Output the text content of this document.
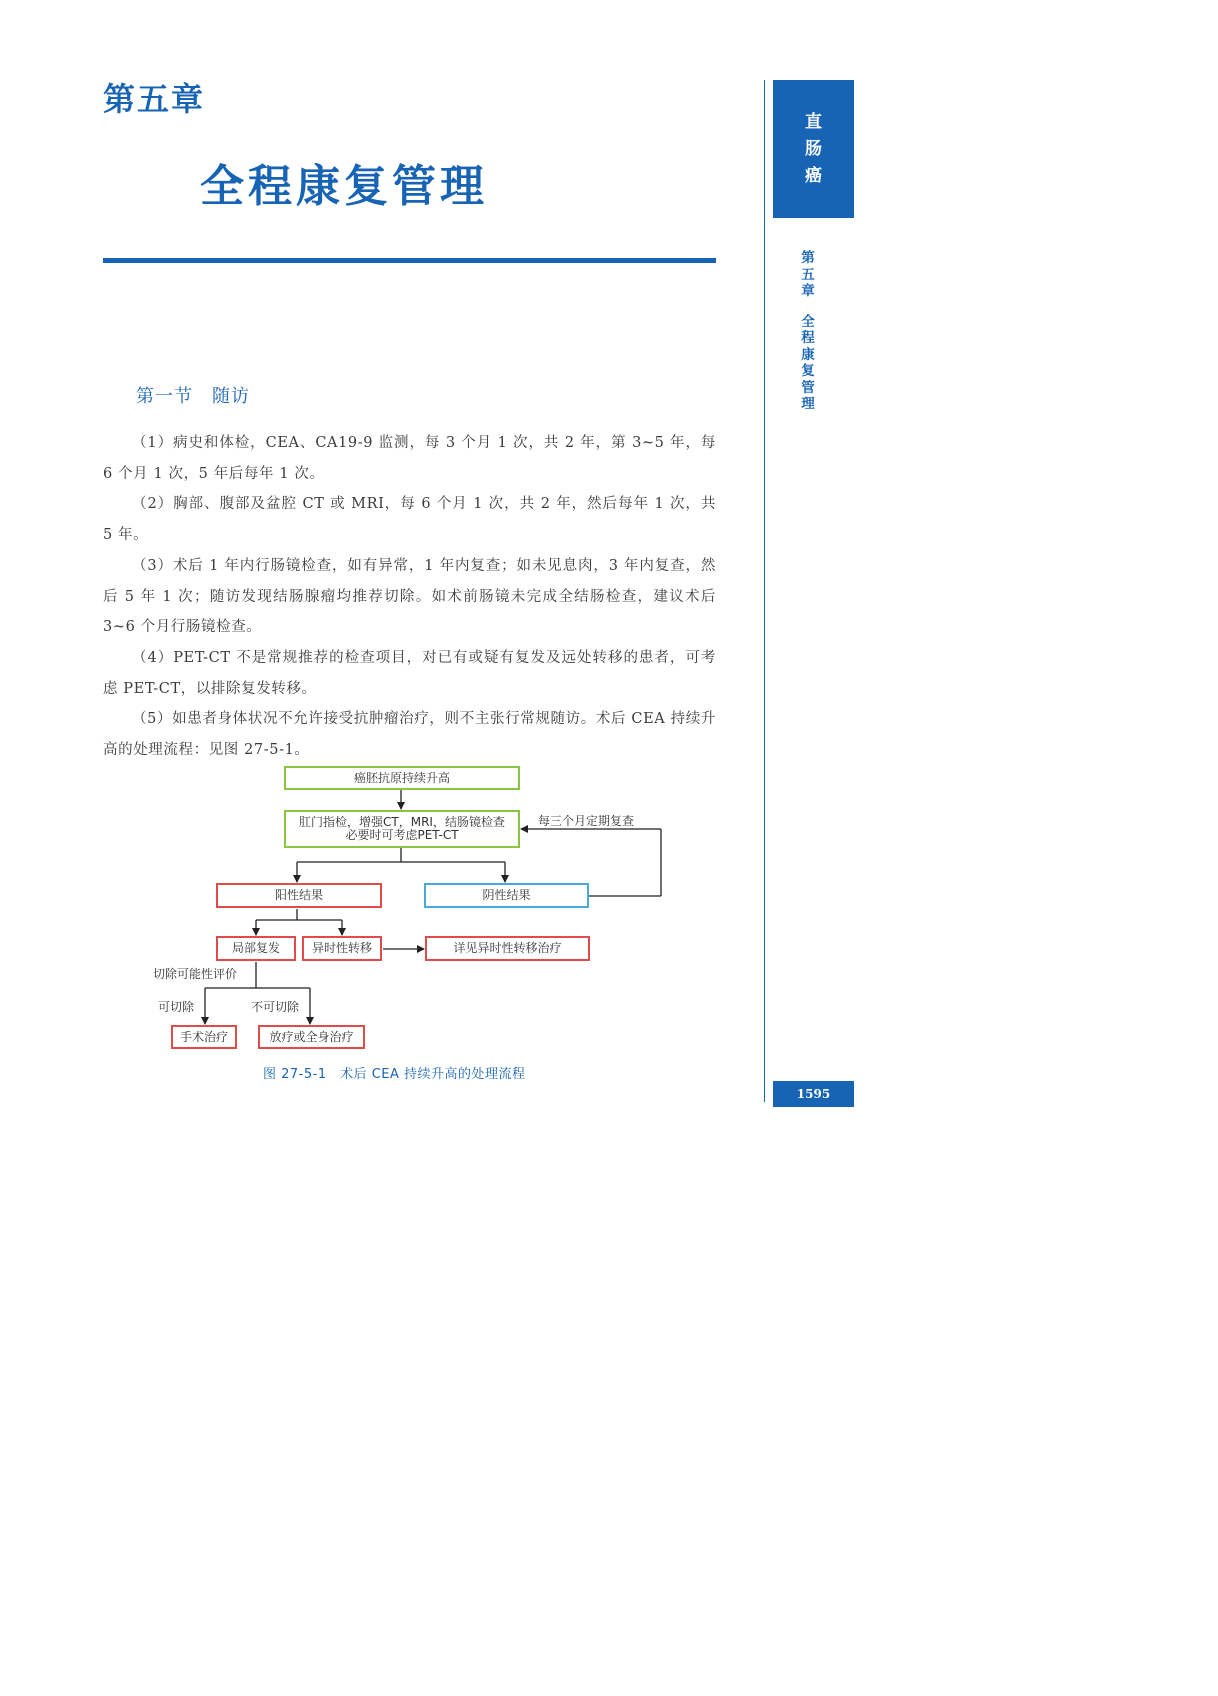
第五章
全程康复管理
第一节　随访

（1）病史和体检，CEA、CA19-9 监测，每 3 个月 1 次，共 2 年，第 3~5 年，每 6 个月 1 次，5 年后每年 1 次。

（2）胸部、腹部及盆腔 CT 或 MRI，每 6 个月 1 次，共 2 年，然后每年 1 次，共 5 年。

（3）术后 1 年内行肠镜检查，如有异常，1 年内复查；如未见息肉，3 年内复查，然后 5 年 1 次；随访发现结肠腺瘤均推荐切除。如术前肠镜未完成全结肠检查，建议术后 3~6 个月行肠镜检查。

（4）PET-CT 不是常规推荐的检查项目，对已有或疑有复发及远处转移的患者，可考虑 PET-CT，以排除复发转移。

（5）如患者身体状况不允许接受抗肿瘤治疗，则不主张行常规随访。术后 CEA 持续升高的处理流程：见图 27-5-1。

直
肠
癌
第
五
章
全
程
康
复
管
理
1595
癌胚抗原持续升高
肛门指检，增强CT，MRI，结肠镜检查
必要时可考虑PET-CT
每三个月定期复查
阳性结果	阴性结果
局部复发	异时性转移	详见异时性转移治疗
切除可能性评价
可切除	不可切除
手术治疗	放疗或全身治疗
图 27-5-1　术后 CEA 持续升高的处理流程
